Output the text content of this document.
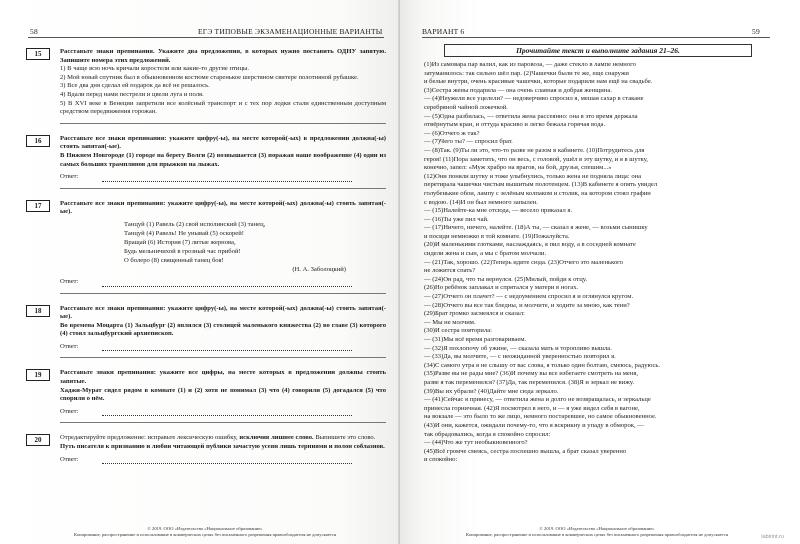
58	ЕГЭ ТИПОВЫЕ ЭКЗАМЕНАЦИОННЫЕ ВАРИАНТЫ
15	Расставьте знаки препинания. Укажите два предложения, в которых нужно поставить ОДНУ запятую. Запишите номера этих предложений.
1) В чаще всю ночь кричали коростели или какие-то другие птицы.
2) Мой юный спутник был в обыкновенном костюме старенькое шерстяном свитере полотняной рубашке.
3) Все два дня сделал ей подарок да всё не решалось.
4) Вдали перед нами пестрели и цвели луга и поля.
5) В XVI веке в Венеции запретили все колёсный транспорт и с тех пор лодки стали единственным доступным средством передвижения горожан.
16	Расставьте все знаки препинания: укажите цифру(-ы), на месте которой(-ых) в предложении должна(-ы) стоять запятая(-ые).
В Нижнем Новгороде (1) городе на берегу Волги (2) возвышается (3) поражая наше воображение (4) один из самых больших трамплинов для прыжков на лыжах.
Ответ:
17	Расставьте все знаки препинания: укажите цифру(-ы), на месте которой(-ых) должна(-ы) стоять запятая(-ые).
Танцуй (1) Равель (2) свой исполинский (3) танец,
Танцуй (4) Равель! Не унывай (5) оскорей!
Вращай (6) История (7) литые жернова,
Будь мельничихой в грозный час прибой!
О болеро (8) священный танец боя!
(Н. А. Заболоцкий)
Ответ:
18	Расставьте все знаки препинания: укажите цифру(-ы), на месте которой(-ых) должна(-ы) стоять запятая(-ые).
Во времена Моцарта (1) Зальцбург (2) являлся (3) столицей маленького княжества (2) во главе (3) которого (4) стоял зальцбургский архиепископ.
Ответ:
19	Расставьте знаки препинания: укажите все цифры, на месте которых в предложении должны стоять запятые.
Хаджи-Мурат сидел рядом в комнате (1) и (2) хотя не понимал (3) что (4) говорили (5) догадался (5) что спорили о нём.
Ответ:
20	Отредактируйте предложение: исправьте лексическую ошибку, исключив лишнее слово. Выпишите это слово.
Путь писателя к признанию и любви читающей публики зачастую усеян лишь терниями и полон соблазнов.
Ответ:
© 2019. ООО «Издательство «Национальное образование»
Копирование, распространение и использование в коммерческих целях без письменного разрешения правообладателя не допускается
ВАРИАНТ 6	59
Прочитайте текст и выполните задания 21–26.
(1)Из самовара пар валил, как из паровоза, — даже стекло в лампе немного
затуманилось: так сильно шёл пар. (2)Чашечки были те же, еще снаружи
и белые внутри, очень красивые чашечки, которые подарили нам ещё на свадьбе.
(3)Сестра жены подарила — она очень славная и добрая женщина.
— (4)Неужели все уцелели? — недоверчиво спросил я, мешая сахар в стакане
серебряной чайной ложечкой.
— (5)Одна разбилась, — ответила жена рассеянно: она в это время держала
отвёрнутым кран, и оттуда красиво и легко бежала горячая вода.
— (6)Отчего ж так?
— (7)Чего ты? — спросил брат.
— (8)Так. (9)Ты ли это, что-то разве не разом в кабинете. (10)Потрудитесь для
героя! (11)Пора заметить, что он весь, с головой, ушёл в эту шутку, и я в шутку,
конечно, запел: «Муж храбро на врагов, на бой, друзья, спешим...»
(12)Они поняли шутку и тоже улыбнулись, только жена не подняла лица: она
перетирала чашечки чистым вышитым полотенцем. (13)В кабинете я опять увидел
голубенькие обои, лампу с зелёным колпаком и столик, на котором стоял графин
с водою. (14)И он был немного запылен.
— (15)Налейте-ка мне отсюда, — весело приказал я.
— (16)Ты уже пил чай.
— (17)Ничего, ничего, налейте. (18)А ты, — сказал я жене, — возьми сынишку
и посиди немножко в той комнате. (19)Пожалуйста.
(20)И маленькими глотками, наслаждаясь, я пил воду, а в соседней комнате
сидели жена и сын, а мы с братом молчали.
— (21)Так, хорошо. (22)Теперь идите сюда. (23)Отчего это маленького
не ложится спать?
— (24)Он рад, что ты вернулся. (25)Милый, пойди к отцу.
(26)Но ребёнок заплакал и спрятался у матери в ногах.
— (27)Отчего он плачет? — с недоумением спросил я и оглянулся кругом.
— (28)Отчего вы все так бледны, и молчите, и ходите за мною, как тени?
(29)Брат громко засмеялся и сказал:
— Мы не молчим.
(30)И сестра повторила:
— (31)Мы всё время разговариваем.
— (32)Я похлопочу об ужине, — сказала мать и торопливо вышла.
— (33)Да, вы молчите, — с неожиданной уверенностью повторил я.
(34)С самого утра я не слышу от вас слова, я только один болтаю, смеюсь, радуюсь.
(35)Разве вы не рады мне? (36)И почему вы все избегаете смотреть на меня,
разве я так переменился? (37)Да, так переменился. (38)Я и зеркал не вижу.
(39)Вы их убрали? (40)Дайте мне сюда зеркало.
— (41)Сейчас я принесу, — ответила жена и долго не возвращалась, и зеркальце
принесла горничная. (42)Я посмотрел в него, и — я уже видел себя в вагоне,
на вокзале — это было то же лицо, немного постаревшее, но самое обыкновенное.
(43)И они, кажется, ожидали почему-то, что я вскрикну и упаду в обморок, —
так обрадовались, когда я спокойно спросил:
— (44)Что же тут необыкновенного?
(45)Всё громче смеясь, сестра поспешно вышла, а брат сказал уверенно
и спокойно:
© 2019. ООО «Издательство «Национальное образование»
Копирование, распространение и использование в коммерческих целях без письменного разрешения правообладателя не допускается	labirint.ru
